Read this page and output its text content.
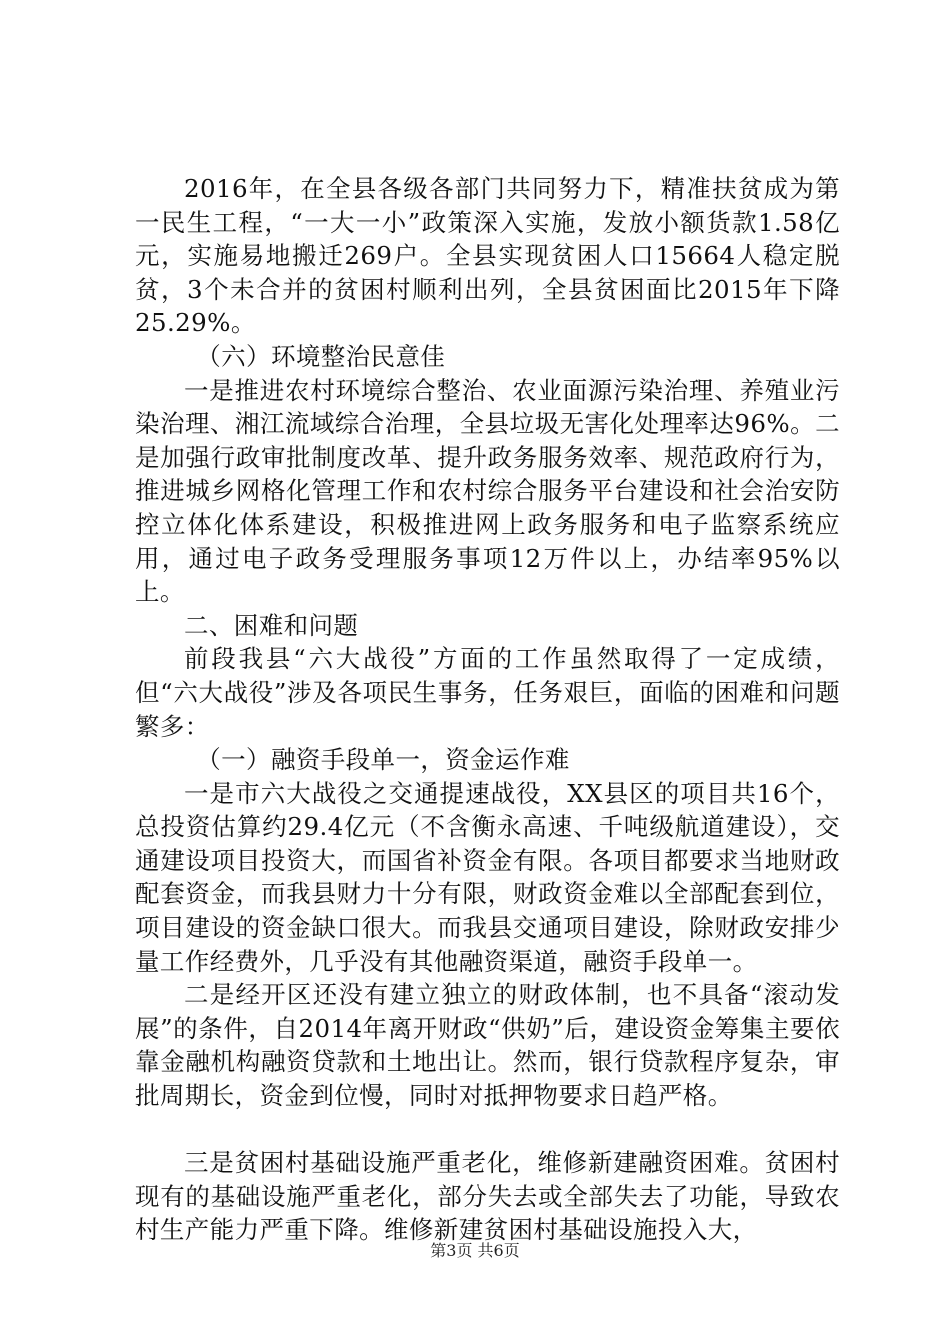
2016年，在全县各级各部门共同努力下，精准扶贫成为第一民生工程，“一大一小”政策深入实施，发放小额货款1.58亿元，实施易地搬迁269户。全县实现贫困人口15664人稳定脱贫，3个未合并的贫困村顺利出列，全县贫困面比2015年下降25.29%。

（六）环境整治民意佳

一是推进农村环境综合整治、农业面源污染治理、养殖业污染治理、湘江流域综合治理，全县垃圾无害化处理率达96%。二是加强行政审批制度改革、提升政务服务效率、规范政府行为，推进城乡网格化管理工作和农村综合服务平台建设和社会治安防控立体化体系建设，积极推进网上政务服务和电子监察系统应用，通过电子政务受理服务事项12万件以上，办结率95%以上。

二、困难和问题

前段我县“六大战役”方面的工作虽然取得了一定成绩，但“六大战役”涉及各项民生事务，任务艰巨，面临的困难和问题繁多：

（一）融资手段单一，资金运作难

一是市六大战役之交通提速战役，XX县区的项目共16个，总投资估算约29.4亿元（不含衡永高速、千吨级航道建设），交通建设项目投资大，而国省补资金有限。各项目都要求当地财政配套资金，而我县财力十分有限，财政资金难以全部配套到位，项目建设的资金缺口很大。而我县交通项目建设，除财政安排少量工作经费外，几乎没有其他融资渠道，融资手段单一。

二是经开区还没有建立独立的财政体制，也不具备“滚动发展”的条件，自2014年离开财政“供奶”后，建设资金筹集主要依靠金融机构融资贷款和土地出让。然而，银行贷款程序复杂，审批周期长，资金到位慢，同时对抵押物要求日趋严格。

三是贫困村基础设施严重老化，维修新建融资困难。贫困村现有的基础设施严重老化，部分失去或全部失去了功能，导致农村生产能力严重下降。维修新建贫困村基础设施投入大，

第3页 共6页
